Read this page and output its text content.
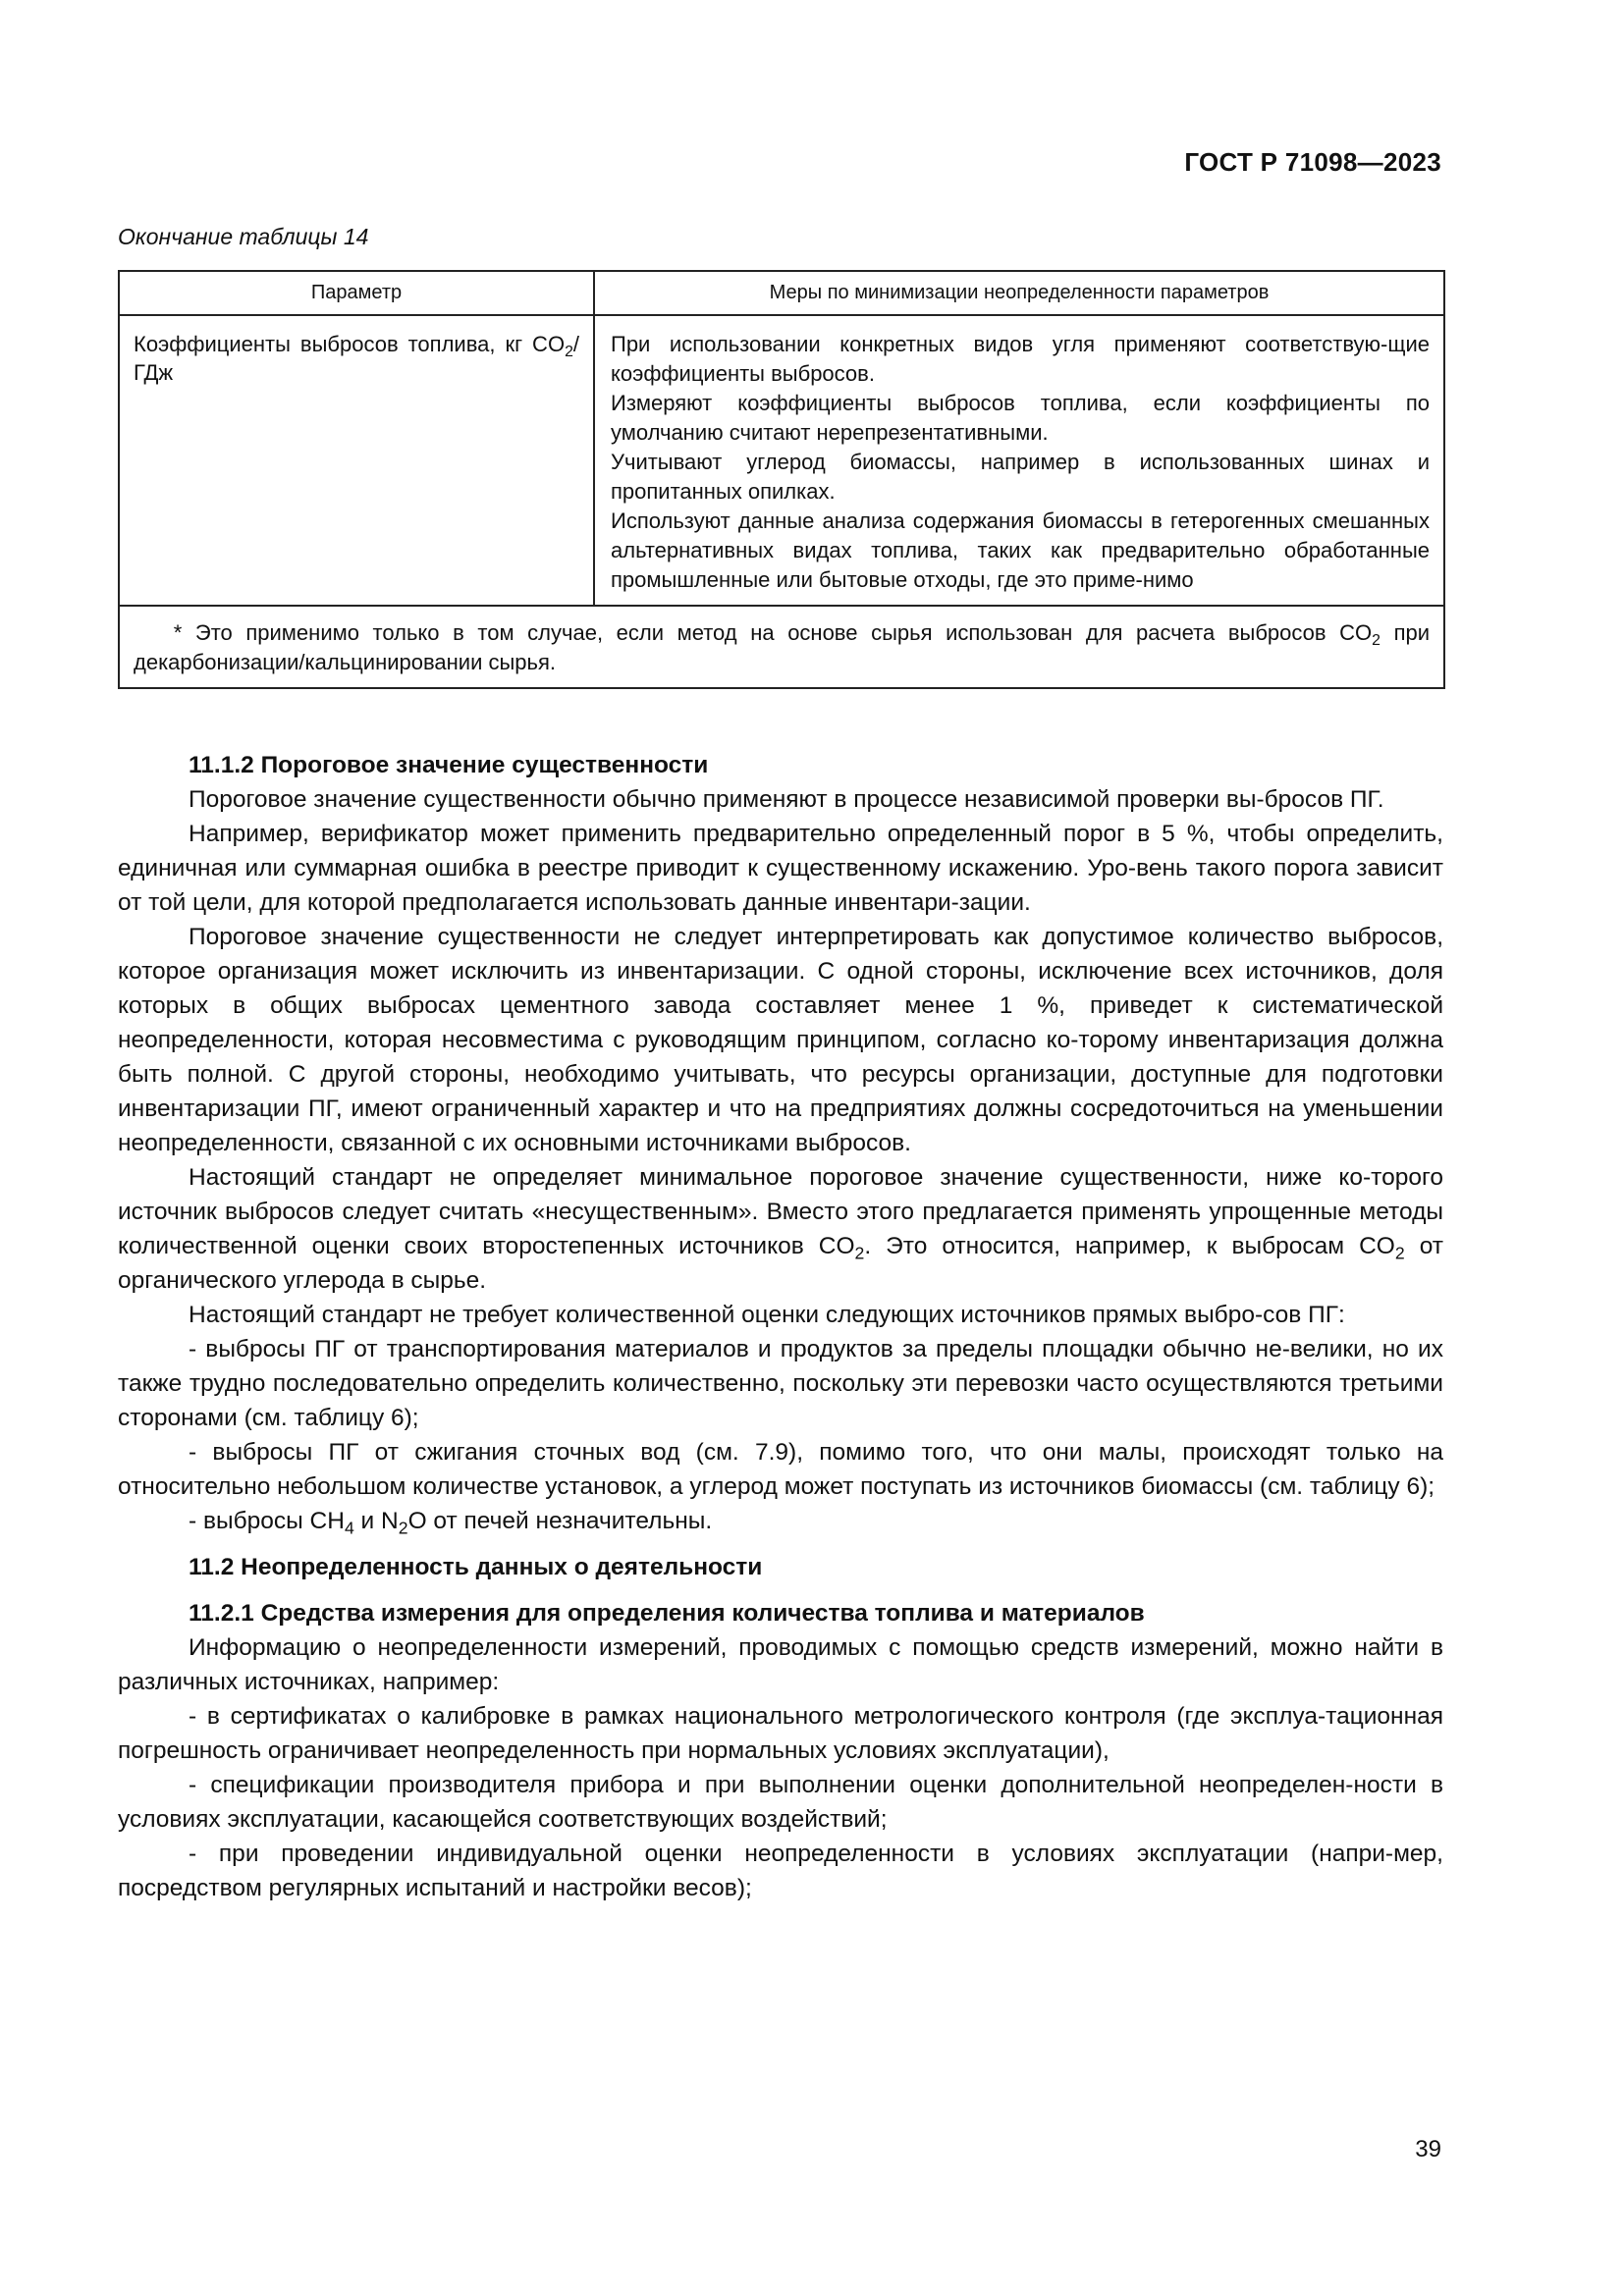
ГОСТ Р 71098—2023
Окончание таблицы 14
Параметр	Меры по минимизации неопределенности параметров
Коэффициенты выбросов топлива, кг $CO_2$/ГДж	При использовании конкретных видов угля применяют соответствую-щие коэффициенты выбросов.

Измеряют коэффициенты выбросов топлива, если коэффициенты по умолчанию считают нерепрезентативными.

Учитывают углерод биомассы, например в использованных шинах и пропитанных опилках.

Используют данные анализа содержания биомассы в гетерогенных смешанных альтернативных видах топлива, таких как предварительно обработанные промышленные или бытовые отходы, где это приме-нимо

* Это применимо только в том случае, если метод на основе сырья использован для расчета выбросов $CO_2$ при декарбонизации/кальцинировании сырья.	
11.1.2 Пороговое значение существенности

Пороговое значение существенности обычно применяют в процессе независимой проверки вы-бросов ПГ.

Например, верификатор может применить предварительно определенный порог в 5 %, чтобы определить, единичная или суммарная ошибка в реестре приводит к существенному искажению. Уро-вень такого порога зависит от той цели, для которой предполагается использовать данные инвентари-зации.

Пороговое значение существенности не следует интерпретировать как допустимое количество выбросов, которое организация может исключить из инвентаризации. С одной стороны, исключение всех источников, доля которых в общих выбросах цементного завода составляет менее 1 %, приведет к систематической неопределенности, которая несовместима с руководящим принципом, согласно ко-торому инвентаризация должна быть полной. С другой стороны, необходимо учитывать, что ресурсы организации, доступные для подготовки инвентаризации ПГ, имеют ограниченный характер и что на предприятиях должны сосредоточиться на уменьшении неопределенности, связанной с их основными источниками выбросов.

Настоящий стандарт не определяет минимальное пороговое значение существенности, ниже ко-торого источник выбросов следует считать «несущественным». Вместо этого предлагается применять упрощенные методы количественной оценки своих второстепенных источников $CO_2$. Это относится, например, к выбросам $CO_2$ от органического углерода в сырье.

Настоящий стандарт не требует количественной оценки следующих источников прямых выбро-сов ПГ:

- выбросы ПГ от транспортирования материалов и продуктов за пределы площадки обычно не-велики, но их также трудно последовательно определить количественно, поскольку эти перевозки часто осуществляются третьими сторонами (см. таблицу 6);

- выбросы ПГ от сжигания сточных вод (см. 7.9), помимо того, что они малы, происходят только на относительно небольшом количестве установок, а углерод может поступать из источников биомассы (см. таблицу 6);

- выбросы $CH_4$ и $N_2O$ от печей незначительны.

11.2 Неопределенность данных о деятельности
11.2.1 Средства измерения для определения количества топлива и материалов

Информацию о неопределенности измерений, проводимых с помощью средств измерений, можно найти в различных источниках, например:

- в сертификатах о калибровке в рамках национального метрологического контроля (где эксплуа-тационная погрешность ограничивает неопределенность при нормальных условиях эксплуатации),

- спецификации производителя прибора и при выполнении оценки дополнительной неопределен-ности в условиях эксплуатации, касающейся соответствующих воздействий;

- при проведении индивидуальной оценки неопределенности в условиях эксплуатации (напри-мер, посредством регулярных испытаний и настройки весов);

39
